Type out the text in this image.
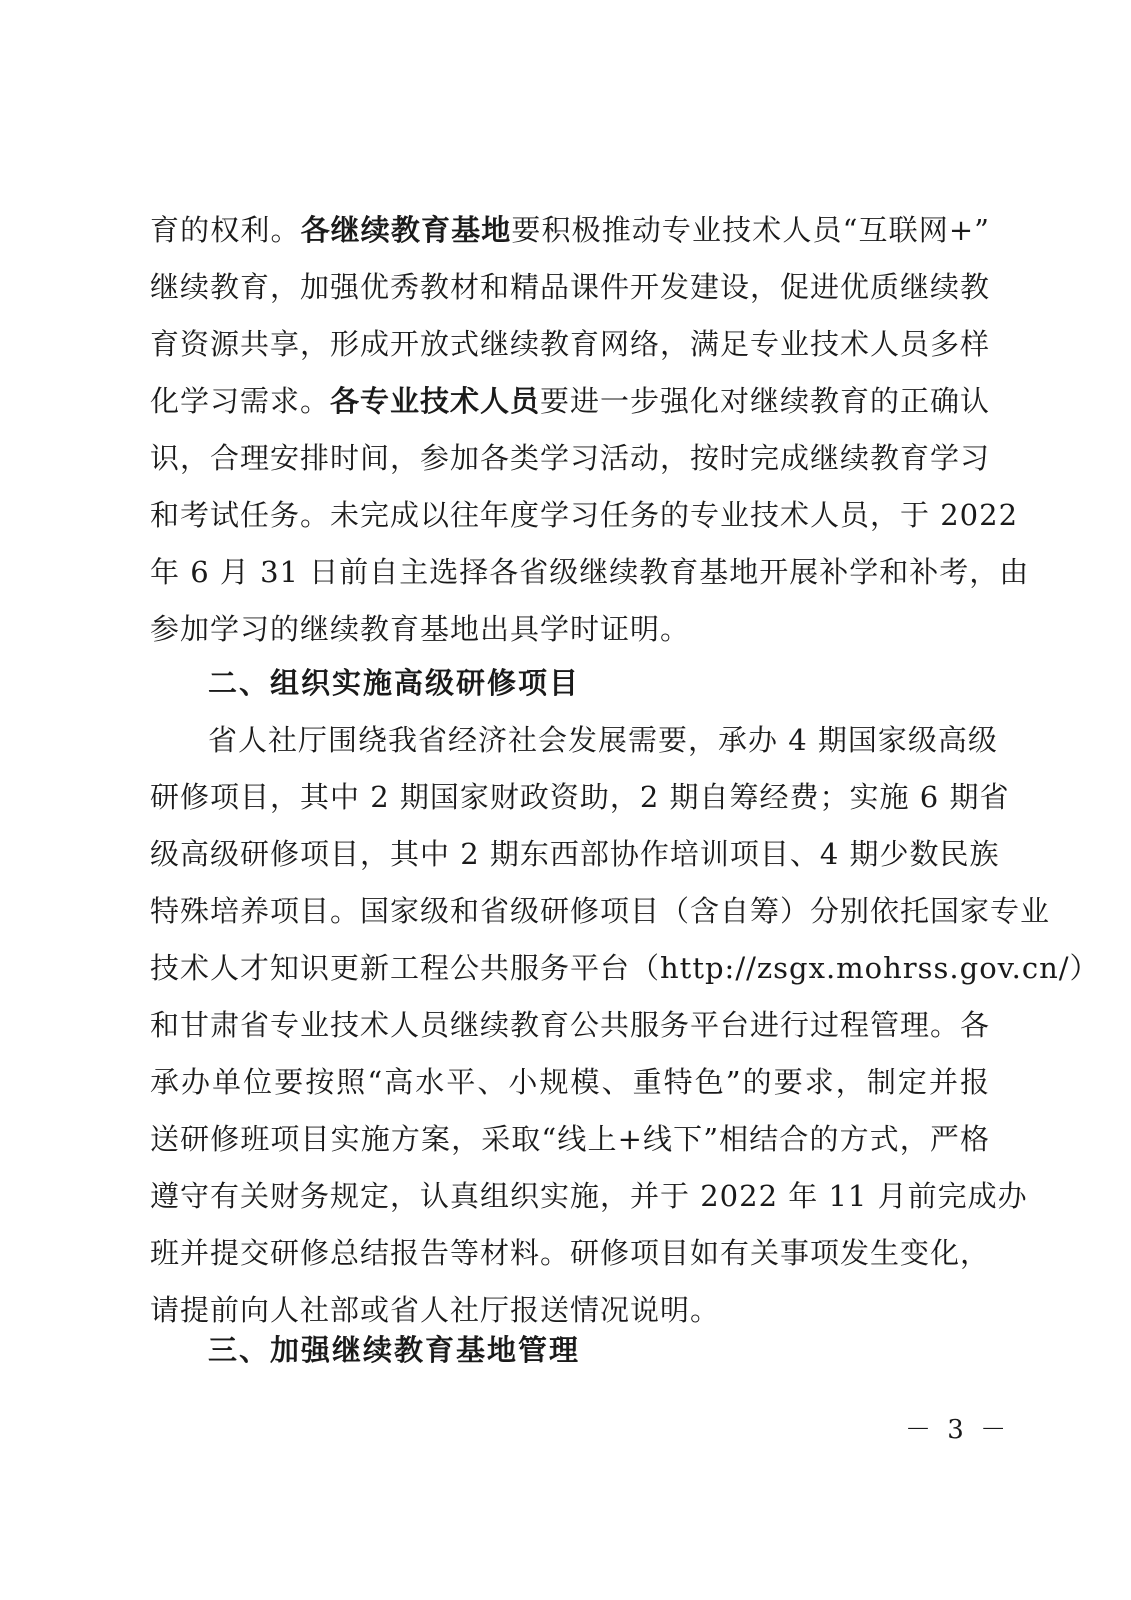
育的权利。各继续教育基地要积极推动专业技术人员“互联网+”
继续教育，加强优秀教材和精品课件开发建设，促进优质继续教
育资源共享，形成开放式继续教育网络，满足专业技术人员多样
化学习需求。各专业技术人员要进一步强化对继续教育的正确认
识，合理安排时间，参加各类学习活动，按时完成继续教育学习
和考试任务。未完成以往年度学习任务的专业技术人员，于 2022
年 6 月 31 日前自主选择各省级继续教育基地开展补学和补考，由
参加学习的继续教育基地出具学时证明。
二、组织实施高级研修项目
省人社厅围绕我省经济社会发展需要，承办 4 期国家级高级
研修项目，其中 2 期国家财政资助，2 期自筹经费；实施 6 期省
级高级研修项目，其中 2 期东西部协作培训项目、4 期少数民族
特殊培养项目。国家级和省级研修项目（含自筹）分别依托国家专业
技术人才知识更新工程公共服务平台（http://zsgx.mohrss.gov.cn/）
和甘肃省专业技术人员继续教育公共服务平台进行过程管理。各
承办单位要按照“高水平、小规模、重特色”的要求，制定并报
送研修班项目实施方案，采取“线上+线下”相结合的方式，严格
遵守有关财务规定，认真组织实施，并于 2022 年 11 月前完成办
班并提交研修总结报告等材料。研修项目如有关事项发生变化，
请提前向人社部或省人社厅报送情况说明。
三、加强继续教育基地管理
－ 3 －
